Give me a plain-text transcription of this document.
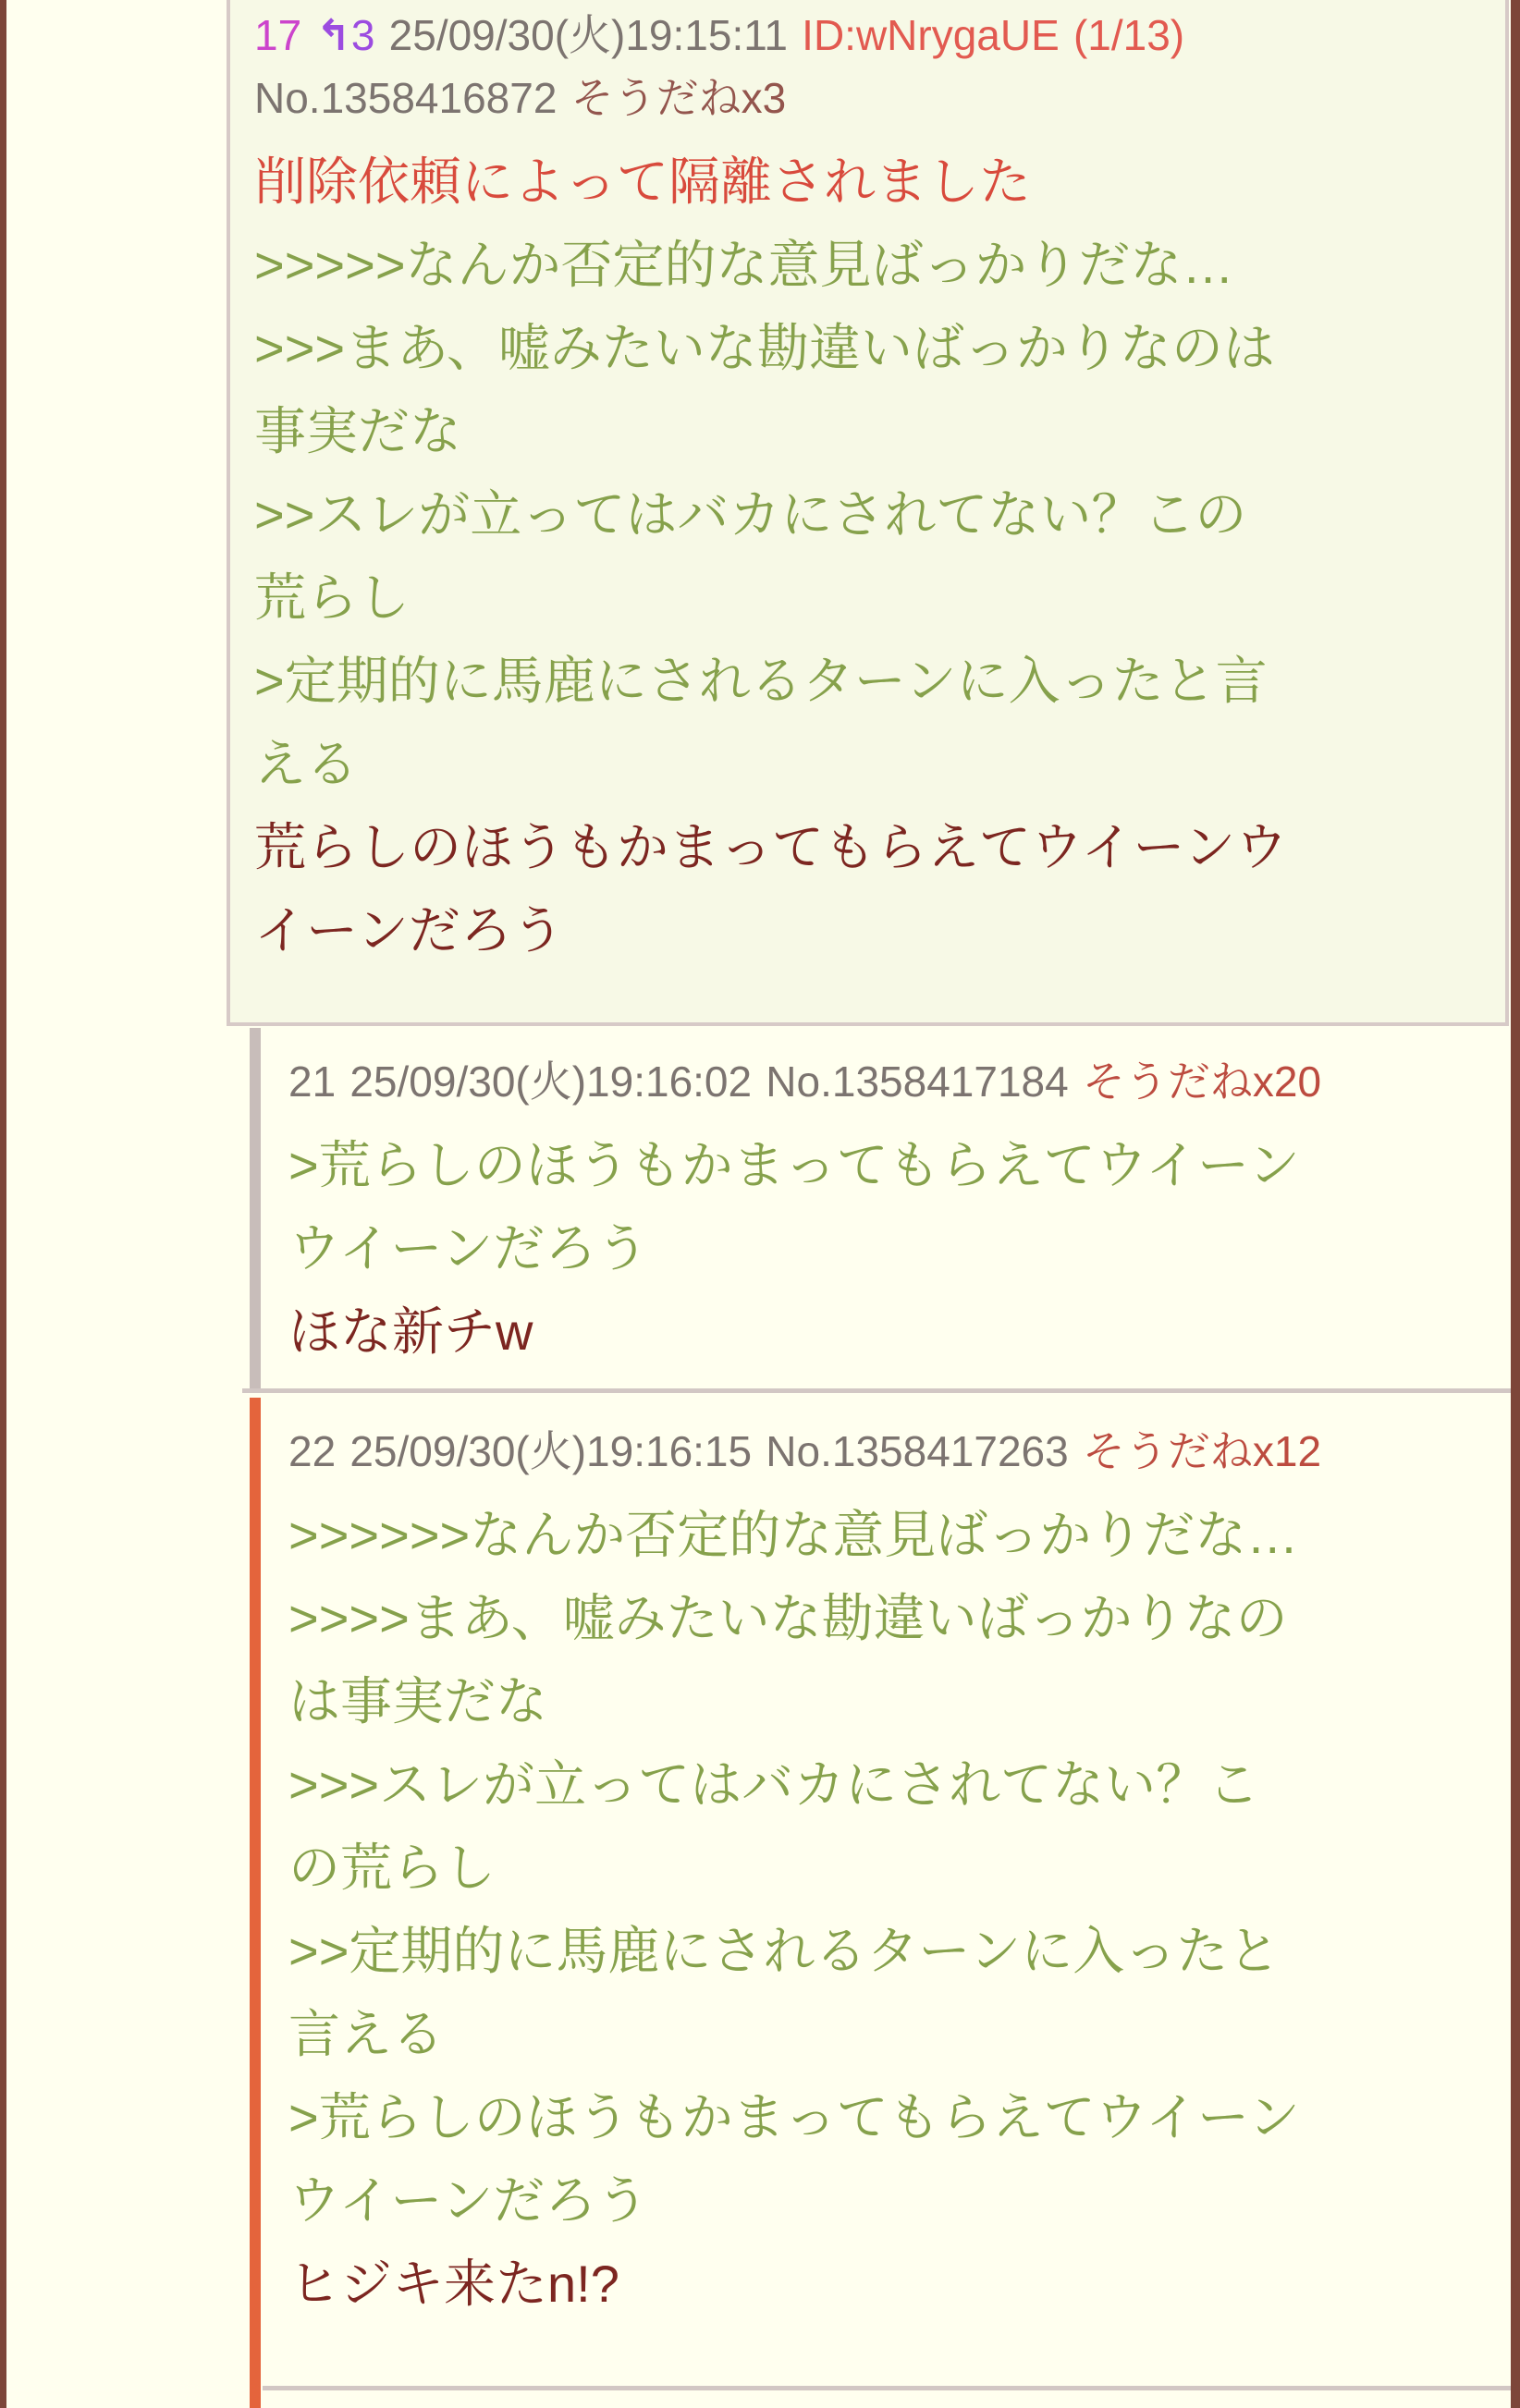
17 ↰3 25/09/30(火)19:15:11 ID:wNrygaUE (1/13)
No.1358416872 そうだねx3
削除依頼によって隔離されました
>>>>>なんか否定的な意見ばっかりだな…
>>>まあ、嘘みたいな勘違いばっかりなのは
事実だな
>>スレが立ってはバカにされてない？この
荒らし
>定期的に馬鹿にされるターンに入ったと言
える
荒らしのほうもかまってもらえてウイーンウ
イーンだろう
21 25/09/30(火)19:16:02 No.1358417184 そうだねx20
>荒らしのほうもかまってもらえてウイーン
ウイーンだろう
ほな新チw
22 25/09/30(火)19:16:15 No.1358417263 そうだねx12
>>>>>>なんか否定的な意見ばっかりだな…
>>>>まあ、嘘みたいな勘違いばっかりなの
は事実だな
>>>スレが立ってはバカにされてない？こ
の荒らし
>>定期的に馬鹿にされるターンに入ったと
言える
>荒らしのほうもかまってもらえてウイーン
ウイーンだろう
ヒジキ来たn!?
